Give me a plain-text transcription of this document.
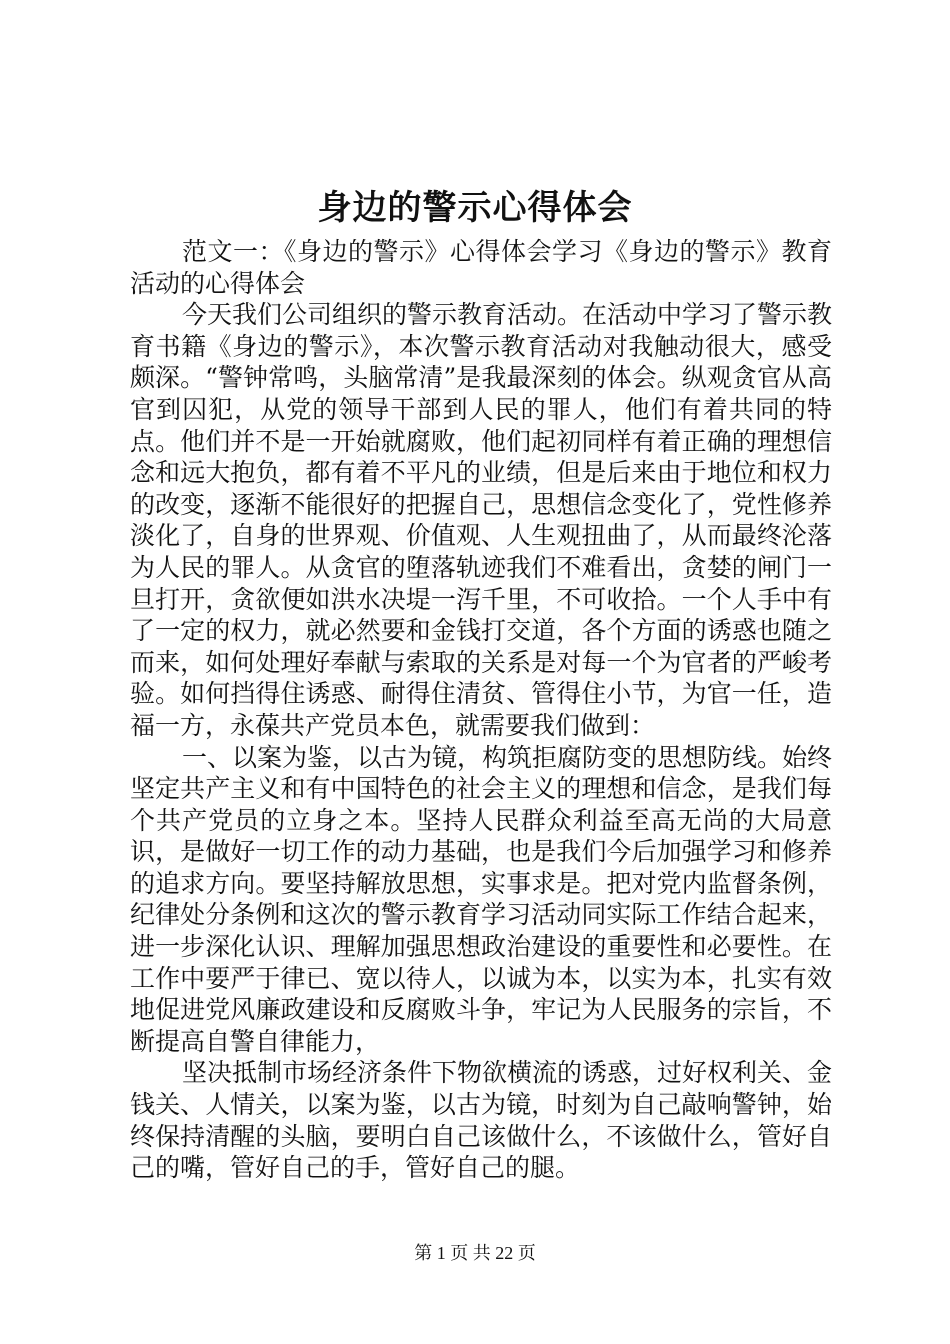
身边的警示心得体会

范文一：《身边的警示》心得体会学习《身边的警示》教育活动的心得体会

今天我们公司组织的警示教育活动。在活动中学习了警示教育书籍《身边的警示》，本次警示教育活动对我触动很大，感受颇深。“警钟常鸣，头脑常清”是我最深刻的体会。纵观贪官从高官到囚犯，从党的领导干部到人民的罪人，他们有着共同的特点。他们并不是一开始就腐败，他们起初同样有着正确的理想信念和远大抱负，都有着不平凡的业绩，但是后来由于地位和权力的改变，逐渐不能很好的把握自己，思想信念变化了，党性修养淡化了，自身的世界观、价值观、人生观扭曲了，从而最终沦落为人民的罪人。从贪官的堕落轨迹我们不难看出，贪婪的闸门一旦打开，贪欲便如洪水决堤一泻千里，不可收拾。一个人手中有了一定的权力，就必然要和金钱打交道，各个方面的诱惑也随之而来，如何处理好奉献与索取的关系是对每一个为官者的严峻考验。如何挡得住诱惑、耐得住清贫、管得住小节，为官一任，造福一方，永葆共产党员本色，就需要我们做到：

一、以案为鉴，以古为镜，构筑拒腐防变的思想防线。始终坚定共产主义和有中国特色的社会主义的理想和信念，是我们每个共产党员的立身之本。坚持人民群众利益至高无尚的大局意识，是做好一切工作的动力基础，也是我们今后加强学习和修养的追求方向。要坚持解放思想，实事求是。把对党内监督条例，纪律处分条例和这次的警示教育学习活动同实际工作结合起来，进一步深化认识、理解加强思想政治建设的重要性和必要性。在工作中要严于律已、宽以待人，以诚为本，以实为本，扎实有效地促进党风廉政建设和反腐败斗争，牢记为人民服务的宗旨，不断提高自警自律能力，

坚决抵制市场经济条件下物欲横流的诱惑，过好权利关、金钱关、人情关，以案为鉴，以古为镜，时刻为自己敲响警钟，始终保持清醒的头脑，要明白自己该做什么，不该做什么，管好自己的嘴，管好自己的手，管好自己的腿。

第 1 页 共 22 页
